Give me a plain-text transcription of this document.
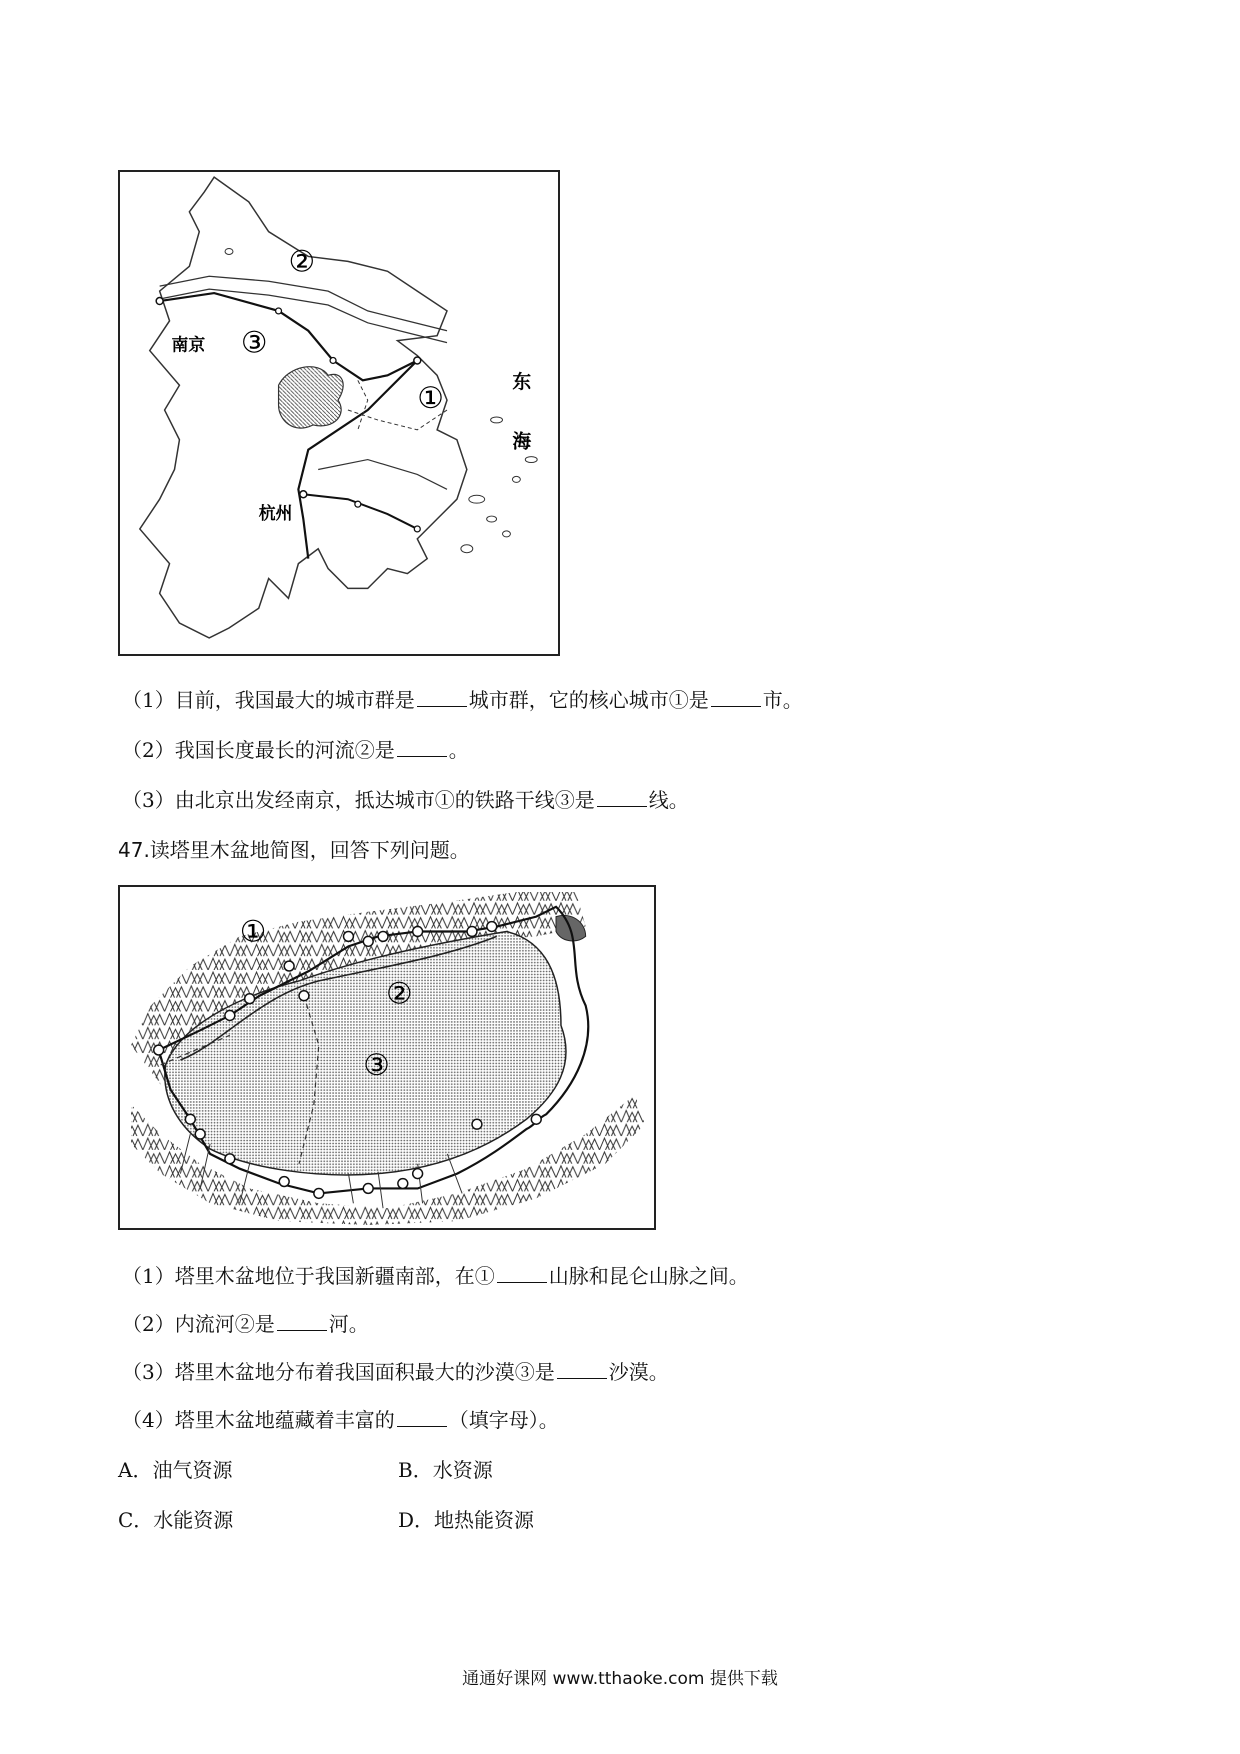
②
③
①
南京
杭州
东
海
（1）目前，我国最大的城市群是	城市群，它的核心城市①是	市。
（2）我国长度最长的河流②是	。
（3）由北京出发经南京，抵达城市①的铁路干线③是	线。
47.读塔里木盆地简图，回答下列问题。
①
②
③
（1）塔里木盆地位于我国新疆南部，在①	山脉和昆仑山脉之间。
（2）内流河②是	河。
（3）塔里木盆地分布着我国面积最大的沙漠③是	沙漠。
（4）塔里木盆地蕴藏着丰富的	（填字母）。
A．油气资源	B．水资源
C．水能资源	D．地热能资源
通通好课网 www.tthaoke.com 提供下载
